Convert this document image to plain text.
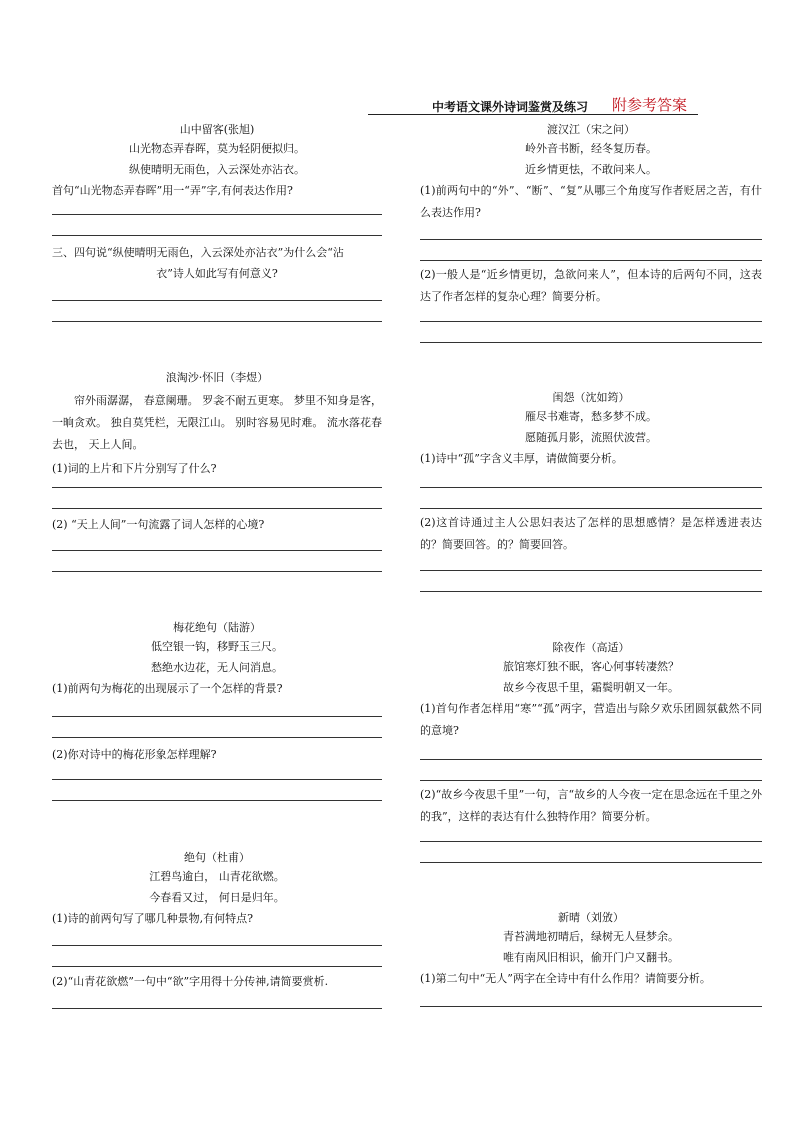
中考语文课外诗词鉴赏及练习 附参考答案
山中留客(张旭)
山光物态弄春晖，莫为轻阴便拟归。
纵使晴明无雨色，入云深处亦沾衣。
首句“山光物态弄春晖”用一“弄”字,有何表达作用?
三、四句说“纵使晴明无雨色，入云深处亦沾衣”为什么会“沾
衣”诗人如此写有何意义?
浪淘沙·怀旧（李煜）
帘外雨潺潺， 春意阑珊。 罗衾不耐五更寒。 梦里不知身是客，一晌贪欢。 独自莫凭栏，无限江山。 别时容易见时难。 流水落花春去也， 天上人间。
(1)词的上片和下片分别写了什么?
(2) “天上人间”一句流露了词人怎样的心境?
梅花绝句（陆游）
低空银一钩，移野玉三尺。
愁绝水边花，无人问消息。
(1)前两句为梅花的出现展示了一个怎样的背景?
(2)你对诗中的梅花形象怎样理解?
绝句（杜甫）
江碧鸟逾白， 山青花欲燃。
今春看又过， 何日是归年。
(1)诗的前两句写了哪几种景物,有何特点?
(2)“山青花欲燃”一句中“欲”字用得十分传神,请简要赏析.
渡汉江（宋之问）
岭外音书断，经冬复历春。
近乡情更怯，不敢问来人。
(1)前两句中的“外”、“断”、“复”从哪三个角度写作者贬居之苦，有什么表达作用?
(2)一般人是“近乡情更切，急欲问来人”，但本诗的后两句不同，这表达了作者怎样的复杂心理？简要分析。
闺怨（沈如筠）
雁尽书难寄，愁多梦不成。
愿随孤月影，流照伏波营。
(1)诗中“孤”字含义丰厚，请做简要分析。
(2)这首诗通过主人公思妇表达了怎样的思想感情？是怎样透进表达的？简要回答。的？简要回答。
除夜作（高适）
旅馆寒灯独不眠，客心何事转凄然？
故乡今夜思千里，霜鬓明朝又一年。
(1)首句作者怎样用“寒”“孤”两字，营造出与除夕欢乐团圆氛截然不同的意境?
(2)“故乡今夜思千里”一句，言“故乡的人今夜一定在思念远在千里之外的我”，这样的表达有什么独特作用？简要分析。
新晴（刘攽）
青苔满地初晴后，绿树无人昼梦余。
唯有南风旧相识，偷开门户又翻书。
(1)第二句中“无人”两字在全诗中有什么作用？请简要分析。
